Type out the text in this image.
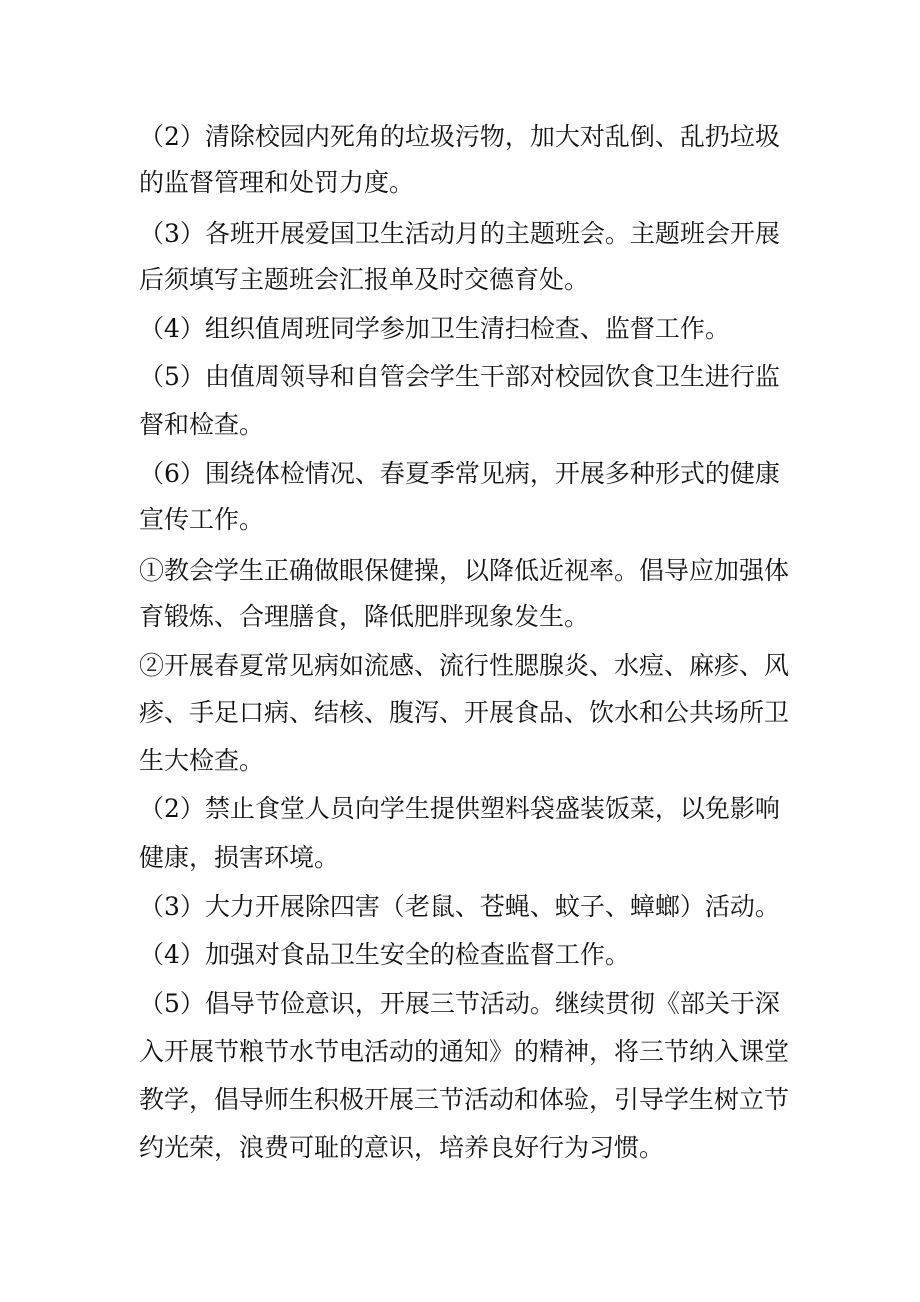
（2）清除校园内死角的垃圾污物，加大对乱倒、乱扔垃圾
的监督管理和处罚力度。
（3）各班开展爱国卫生活动月的主题班会。主题班会开展
后须填写主题班会汇报单及时交德育处。
（4）组织值周班同学参加卫生清扫检查、监督工作。
（5）由值周领导和自管会学生干部对校园饮食卫生进行监
督和检查。
（6）围绕体检情况、春夏季常见病，开展多种形式的健康
宣传工作。
①教会学生正确做眼保健操，以降低近视率。倡导应加强体
育锻炼、合理膳食，降低肥胖现象发生。
②开展春夏常见病如流感、流行性腮腺炎、水痘、麻疹、风
疹、手足口病、结核、腹泻、开展食品、饮水和公共场所卫
生大检查。
（2）禁止食堂人员向学生提供塑料袋盛装饭菜，以免影响
健康，损害环境。
（3）大力开展除四害（老鼠、苍蝇、蚊子、蟑螂）活动。
（4）加强对食品卫生安全的检查监督工作。
（5）倡导节俭意识，开展三节活动。继续贯彻《部关于深
入开展节粮节水节电活动的通知》的精神，将三节纳入课堂
教学，倡导师生积极开展三节活动和体验，引导学生树立节
约光荣，浪费可耻的意识，培养良好行为习惯。
